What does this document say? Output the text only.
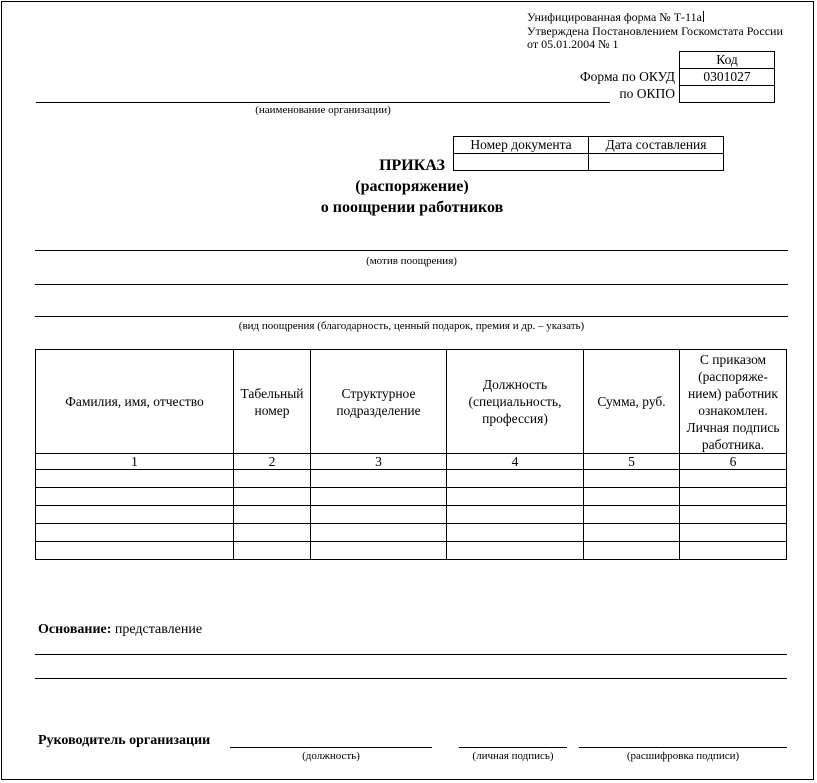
Унифицированная форма № Т-11а
Утверждена Постановлением Госкомстата России
от 05.01.2004 № 1
	Код
Форма по ОКУД	0301027
по ОКПО	
(наименование организации)
Номер документа	Дата составления

ПРИКАЗ
(распоряжение)
о поощрении работников
(мотив поощрения)
(вид поощрения (благодарность, ценный подарок, премия и др. – указать)
Фамилия, имя, отчество	Табельный номер	Структурное подразделение	Должность (специальность, профессия)	Сумма, руб.	С приказом (распоряже-нием) работник ознакомлен. Личная подпись работника.
1	2	3	4	5	6

Основание: представление
Руководитель организации
(должность)	(личная подпись)	(расшифровка подписи)
